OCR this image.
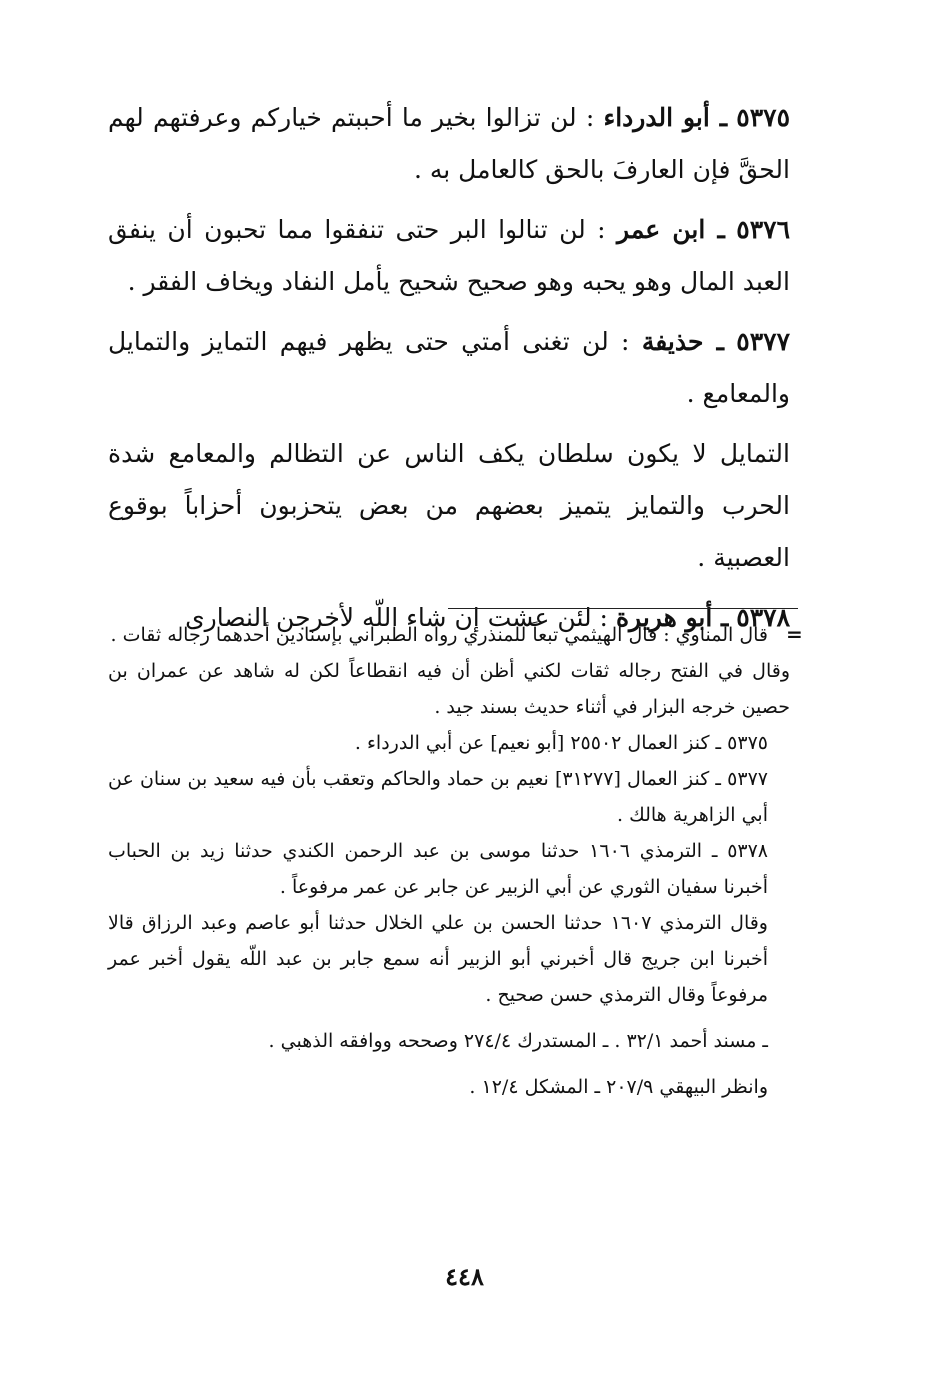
٥٣٧٥ ـ أبو الدرداء : لن تزالوا بخير ما أحببتم خياركم وعرفتهم لهم الحقَّ فإن العارفَ بالحق كالعامل به .

٥٣٧٦ ـ ابن عمر : لن تنالوا البر حتى تنفقوا مما تحبون أن ينفق العبد المال وهو يحبه وهو صحيح شحيح يأمل النفاد ويخاف الفقر .

٥٣٧٧ ـ حذيفة : لن تغنى أمتي حتى يظهر فيهم التمايز والتمايل والمعامع .

التمايل لا يكون سلطان يكف الناس عن التظالم والمعامع شدة الحرب والتمايز يتميز بعضهم من بعض يتحزبون أحزاباً بوقوع العصبية .

٥٣٧٨ ـ أبو هريرة : لئن عشت إن شاء اللّه لأخرجن النصارى

=

قال المناوي : قال الهيثمي تبعاً للمنذري رواه الطبراني بإسنادين أحدهما رجاله ثقات .

وقال في الفتح رجاله ثقات لكني أظن أن فيه انقطاعاً لكن له شاهد عن عمران بن حصين خرجه البزار في أثناء حديث بسند جيد .

٥٣٧٥ ـ كنز العمال ٢٥٥٠٢ [أبو نعيم] عن أبي الدرداء .

٥٣٧٧ ـ كنز العمال [٣١٢٧٧] نعيم بن حماد والحاكم وتعقب بأن فيه سعيد بن سنان عن أبي الزاهرية هالك .

٥٣٧٨ ـ الترمذي ١٦٠٦ حدثنا موسى بن عبد الرحمن الكندي حدثنا زيد بن الحباب أخبرنا سفيان الثوري عن أبي الزبير عن جابر عن عمر مرفوعاً .

وقال الترمذي ١٦٠٧ حدثنا الحسن بن علي الخلال حدثنا أبو عاصم وعبد الرزاق قالا أخبرنا ابن جريج قال أخبرني أبو الزبير أنه سمع جابر بن عبد اللّه يقول أخبر عمر مرفوعاً وقال الترمذي حسن صحيح .

ـ مسند أحمد ٣٢/١ . ـ المستدرك ٢٧٤/٤ وصححه ووافقه الذهبي .

وانظر البيهقي ٢٠٧/٩ ـ المشكل ١٢/٤ .

٤٤٨
